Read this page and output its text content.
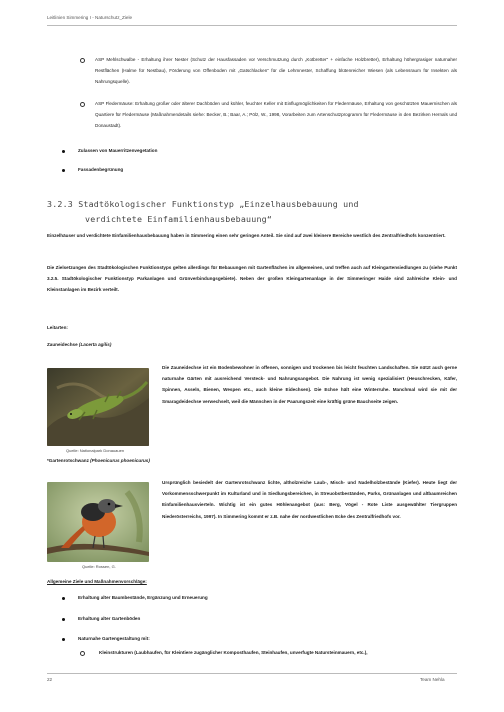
Leitlinien Simmering I - Naturschutz_Ziele
ASP Mehlschwalbe - Erhaltung ihrer Nester (Schutz der Hausfassaden vor Verschmutzung durch „Kotbretter“ + einfache Holzbretter), Erhaltung höhergrasiger naturnaher Restflächen (Halme für Nestbau), Förderung von Offenboden mit „Gatschlacken“ für die Lehmnester, Schaffung blütenreicher Wiesen (als Lebensraum für Insekten als Nahrungsquelle).
ASP Fledermäuse: Erhaltung großer oder älterer Dachböden und kühler, feuchter Keller mit Einflugmöglichkeiten für Fledermäuse, Erhaltung von geschützten Mauernischen als Quartiere für Fledermäuse (Maßnahmendetails siehe: Becker, B.; Baar, A.; Pölz, W., 1998, Vorarbeiten zum Artenschutzprogramm für Fledermäuse in den Bezirken Hernals und Donaustadt).
Zulassen von Mauerritzenvegetation
Fassadenbegrünung
3.2.3 Stadtökologischer Funktionstyp „Einzelhausbebauung und
verdichtete Einfamilienhausbebauung“
Einzelhäuser und verdichtete Einfamilienhausbebauung haben in Simmering einen sehr geringen Anteil. Sie sind auf zwei kleinere Bereiche westlich des Zentralfriedhofs konzentriert.
Die Zielsetzungen des Stadtökologischen Funktionstyps gelten allerdings für Bebauungen mit Gartenflächen im allgemeinen, und treffen auch auf Kleingartensiedlungen zu (siehe Punkt 3.2.5. Stadtökologischer Funktionstyp Parkanlagen und Grünverbindungsgebiete). Neben der großen Kleingartenanlage in der Simmeringer Haide sind zahlreiche Klein- und Kleinstanlagen im Bezirk verteilt.
Leitarten:
Zauneidechse (Lacerta agilis)
Quelle: Nationalpark Donauauen
Die Zauneidechse ist ein Bodenbewohner in offenen, sonnigen und trockenen bis leicht feuchten Landschaften. Sie nützt auch gerne naturnahe Gärten mit ausreichend Versteck- und Nahrungsangebot. Die Nahrung ist wenig spezialisiert (Heuschrecken, Käfer, Spinnen, Asseln, Bienen, Wespen etc., auch kleine Eidechsen). Die Echse hält eine Winterruhe. Manchmal wird sie mit der Smaragdeidechse verwechselt, weil die Männchen in der Paarungszeit eine kräftig grüne Bauchseite zeigen.
*Gartenrotschwanz (Phoenicurus phoenicurus)
Quelle: Rossen, G.
Ursprünglich besiedelt der Gartenrotschwanz lichte, altholzreiche Laub-, Misch- und Nadelholzbestände (Kiefer). Heute liegt der Vorkommensschwerpunkt im Kulturland und in Siedlungsbereichen, in Streuobstbeständen, Parks, Grünanlagen und altbaumreichen Einfamilienhausvierteln. Wichtig ist ein gutes Höhlenangebot (aus: Berg, Vögel - Rote Liste ausgewählter Tiergruppen Niederösterreichs, 1997). In Simmering kommt er z.B. nahe der nordwestlichen Ecke des Zentralfriedhofs vor.
Allgemeine Ziele und Maßnahmenvorschläge:
Erhaltung alter Baumbestände, Ergänzung und Erneuerung
Erhaltung alter Gartenböden
Naturnahe Gartengestaltung mit:
Kleinstrukturen (Laubhaufen, für Kleintiere zugänglicher Komposthaufen, Steinhaufen, unverfugte Natursteinmauern, etc.),
22	Team Nehla
